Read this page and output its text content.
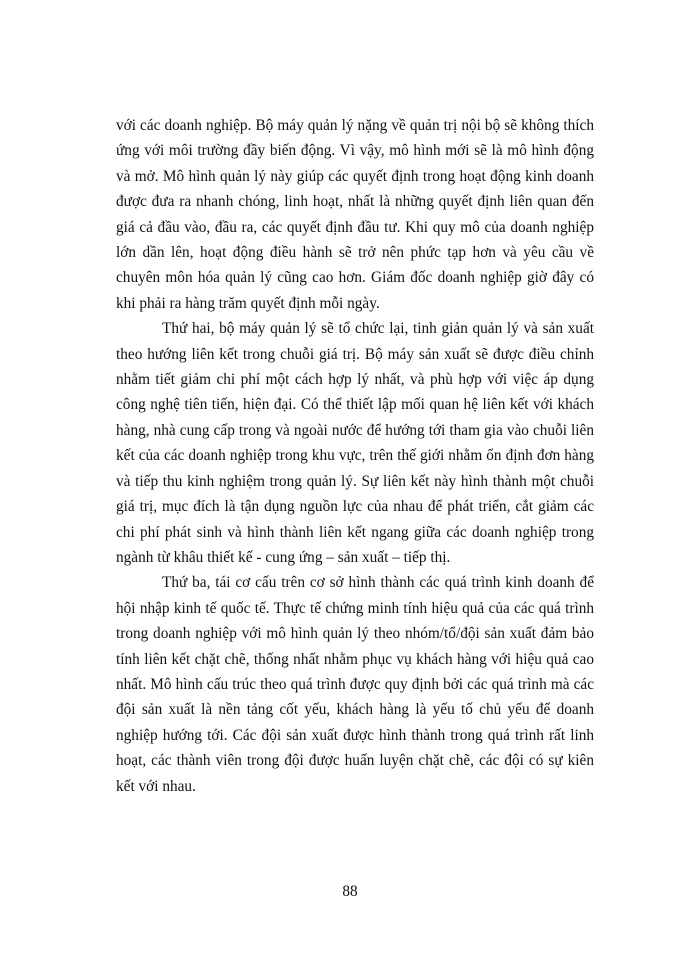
với các doanh nghiệp. Bộ máy quản lý nặng về quản trị nội bộ sẽ không thích ứng với môi trường đầy biến động. Vì vậy, mô hình mới sẽ là mô hình động và mở. Mô hình quản lý này giúp các quyết định trong hoạt động kinh doanh được đưa ra nhanh chóng, linh hoạt, nhất là những quyết định liên quan đến giá cả đầu vào, đầu ra, các quyết định đầu tư. Khi quy mô của doanh nghiệp lớn dần lên, hoạt động điều hành sẽ trở nên phức tạp hơn và yêu cầu về chuyên môn hóa quản lý cũng cao hơn. Giám đốc doanh nghiệp giờ đây có khi phải ra hàng trăm quyết định mỗi ngày.

Thứ hai, bộ máy quản lý sẽ tổ chức lại, tinh giản quản lý và sản xuất theo hướng liên kết trong chuỗi giá trị. Bộ máy sản xuất sẽ được điều chỉnh nhằm tiết giảm chi phí một cách hợp lý nhất, và phù hợp với việc áp dụng công nghệ tiên tiến, hiện đại. Có thể thiết lập mối quan hệ liên kết với khách hàng, nhà cung cấp trong và ngoài nước để hướng tới tham gia vào chuỗi liên kết của các doanh nghiệp trong khu vực, trên thế giới nhằm ổn định đơn hàng và tiếp thu kinh nghiệm trong quản lý. Sự liên kết này hình thành một chuỗi giá trị, mục đích là tận dụng nguồn lực của nhau để phát triển, cắt giảm các chi phí phát sinh và hình thành liên kết ngang giữa các doanh nghiệp trong ngành từ khâu thiết kế - cung ứng – sản xuất – tiếp thị.

Thứ ba, tái cơ cấu trên cơ sở hình thành các quá trình kinh doanh để hội nhập kinh tế quốc tế. Thực tế chứng minh tính hiệu quả của các quá trình trong doanh nghiệp với mô hình quản lý theo nhóm/tổ/đội sản xuất đảm bảo tính liên kết chặt chẽ, thống nhất nhằm phục vụ khách hàng với hiệu quả cao nhất. Mô hình cấu trúc theo quá trình được quy định bởi các quá trình mà các đội sản xuất là nền tảng cốt yếu, khách hàng là yếu tố chủ yếu để doanh nghiệp hướng tới. Các đội sản xuất được hình thành trong quá trình rất linh hoạt, các thành viên trong đội được huấn luyện chặt chẽ, các đội có sự kiên kết với nhau.

88
